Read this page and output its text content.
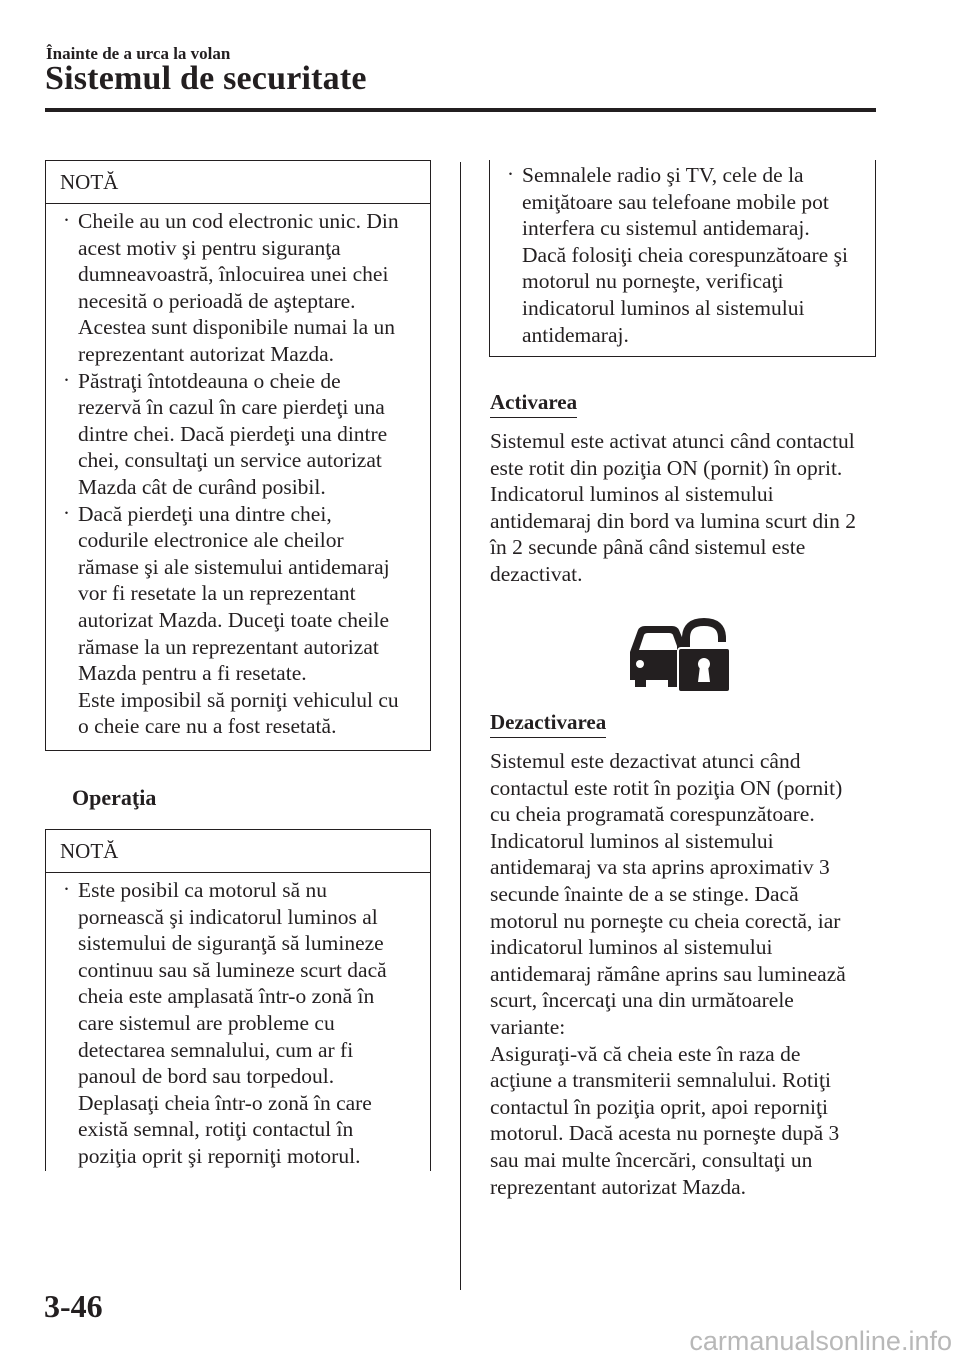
Înainte de a urca la volan
Sistemul de securitate
NOTĂ
· Cheile au un cod electronic unic. Din
acest motiv şi pentru siguranţa
dumneavoastră, înlocuirea unei chei
necesită o perioadă de aşteptare.
Acestea sunt disponibile numai la un
reprezentant autorizat Mazda.
· Păstraţi întotdeauna o cheie de
rezervă în cazul în care pierdeţi una
dintre chei. Dacă pierdeţi una dintre
chei, consultaţi un service autorizat
Mazda cât de curând posibil.
· Dacă pierdeţi una dintre chei,
codurile electronice ale cheilor
rămase şi ale sistemului antidemaraj
vor fi resetate la un reprezentant
autorizat Mazda. Duceţi toate cheile
rămase la un reprezentant autorizat
Mazda pentru a fi resetate.
Este imposibil să porniţi vehiculul cu
o cheie care nu a fost resetată.
Operaţia
NOTĂ
· Este posibil ca motorul să nu
pornească şi indicatorul luminos al
sistemului de siguranţă să lumineze
continuu sau să lumineze scurt dacă
cheia este amplasată într-o zonă în
care sistemul are probleme cu
detectarea semnalului, cum ar fi
panoul de bord sau torpedoul.
Deplasaţi cheia într-o zonă în care
există semnal, rotiţi contactul în
poziţia oprit şi reporniţi motorul.
· Semnalele radio şi TV, cele de la
emiţătoare sau telefoane mobile pot
interfera cu sistemul antidemaraj.
Dacă folosiţi cheia corespunzătoare şi
motorul nu porneşte, verificaţi
indicatorul luminos al sistemului
antidemaraj.
Activarea
Sistemul este activat atunci când contactul
este rotit din poziţia ON (pornit) în oprit.
Indicatorul luminos al sistemului
antidemaraj din bord va lumina scurt din 2
în 2 secunde până când sistemul este
dezactivat.
Dezactivarea
Sistemul este dezactivat atunci când
contactul este rotit în poziţia ON (pornit)
cu cheia programată corespunzătoare.
Indicatorul luminos al sistemului
antidemaraj va sta aprins aproximativ 3
secunde înainte de a se stinge. Dacă
motorul nu porneşte cu cheia corectă, iar
indicatorul luminos al sistemului
antidemaraj rămâne aprins sau luminează
scurt, încercaţi una din următoarele
variante:
Asiguraţi-vă că cheia este în raza de
acţiune a transmiterii semnalului. Rotiţi
contactul în poziţia oprit, apoi reporniţi
motorul. Dacă acesta nu porneşte după 3
sau mai multe încercări, consultaţi un
reprezentant autorizat Mazda.
3-46
carmanualsonline.info
